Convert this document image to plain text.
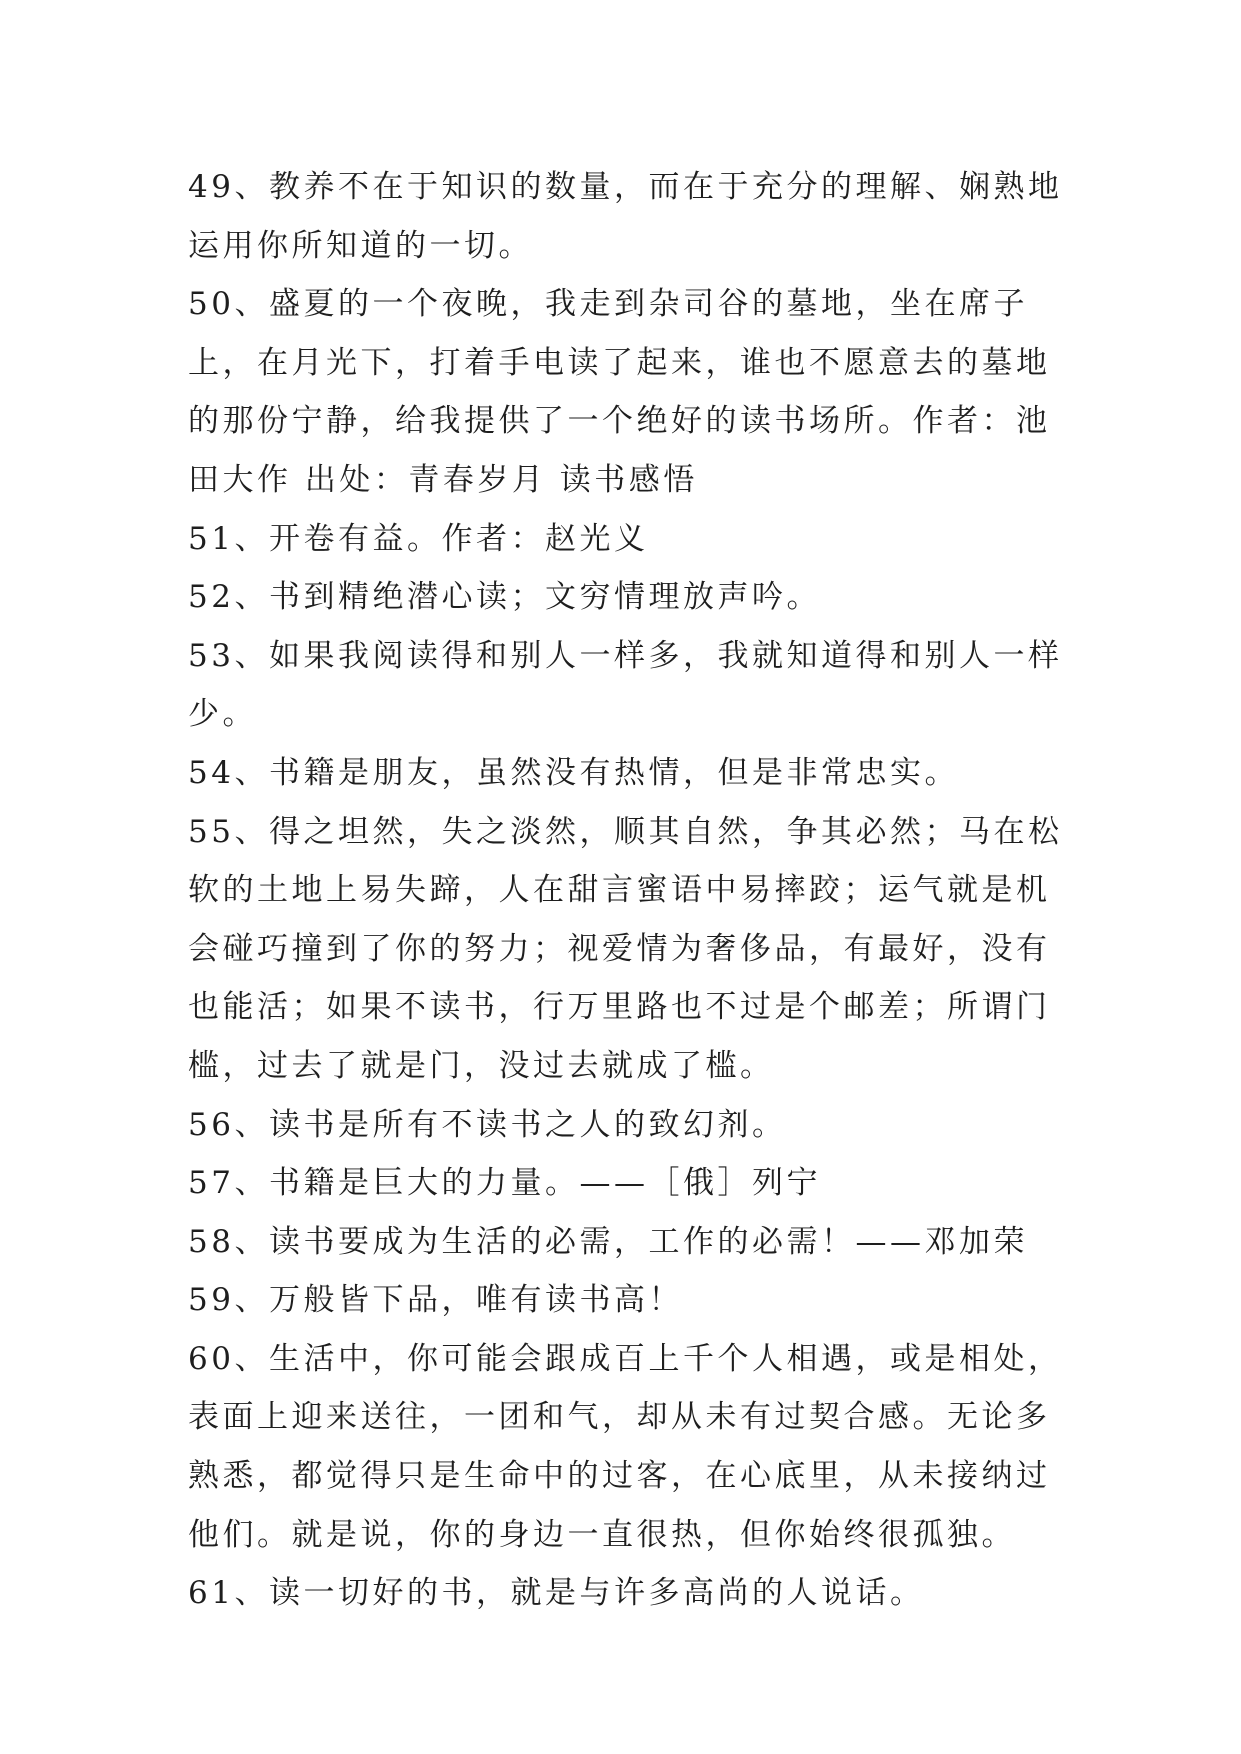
49、教养不在于知识的数量，而在于充分的理解、娴熟地运用你所知道的一切。

50、盛夏的一个夜晚，我走到杂司谷的墓地，坐在席子上，在月光下，打着手电读了起来，谁也不愿意去的墓地的那份宁静，给我提供了一个绝好的读书场所。作者：池田大作 出处：青春岁月 读书感悟

51、开卷有益。作者：赵光义

52、书到精绝潜心读；文穷情理放声吟。

53、如果我阅读得和别人一样多，我就知道得和别人一样少。

54、书籍是朋友，虽然没有热情，但是非常忠实。

55、得之坦然，失之淡然，顺其自然，争其必然；马在松软的土地上易失蹄，人在甜言蜜语中易摔跤；运气就是机会碰巧撞到了你的努力；视爱情为奢侈品，有最好，没有也能活；如果不读书，行万里路也不过是个邮差；所谓门槛，过去了就是门，没过去就成了槛。

56、读书是所有不读书之人的致幻剂。

57、书籍是巨大的力量。——［俄］列宁

58、读书要成为生活的必需，工作的必需！——邓加荣

59、万般皆下品，唯有读书高！

60、生活中，你可能会跟成百上千个人相遇，或是相处，表面上迎来送往，一团和气，却从未有过契合感。无论多熟悉，都觉得只是生命中的过客，在心底里，从未接纳过他们。就是说，你的身边一直很热，但你始终很孤独。

61、读一切好的书，就是与许多高尚的人说话。
